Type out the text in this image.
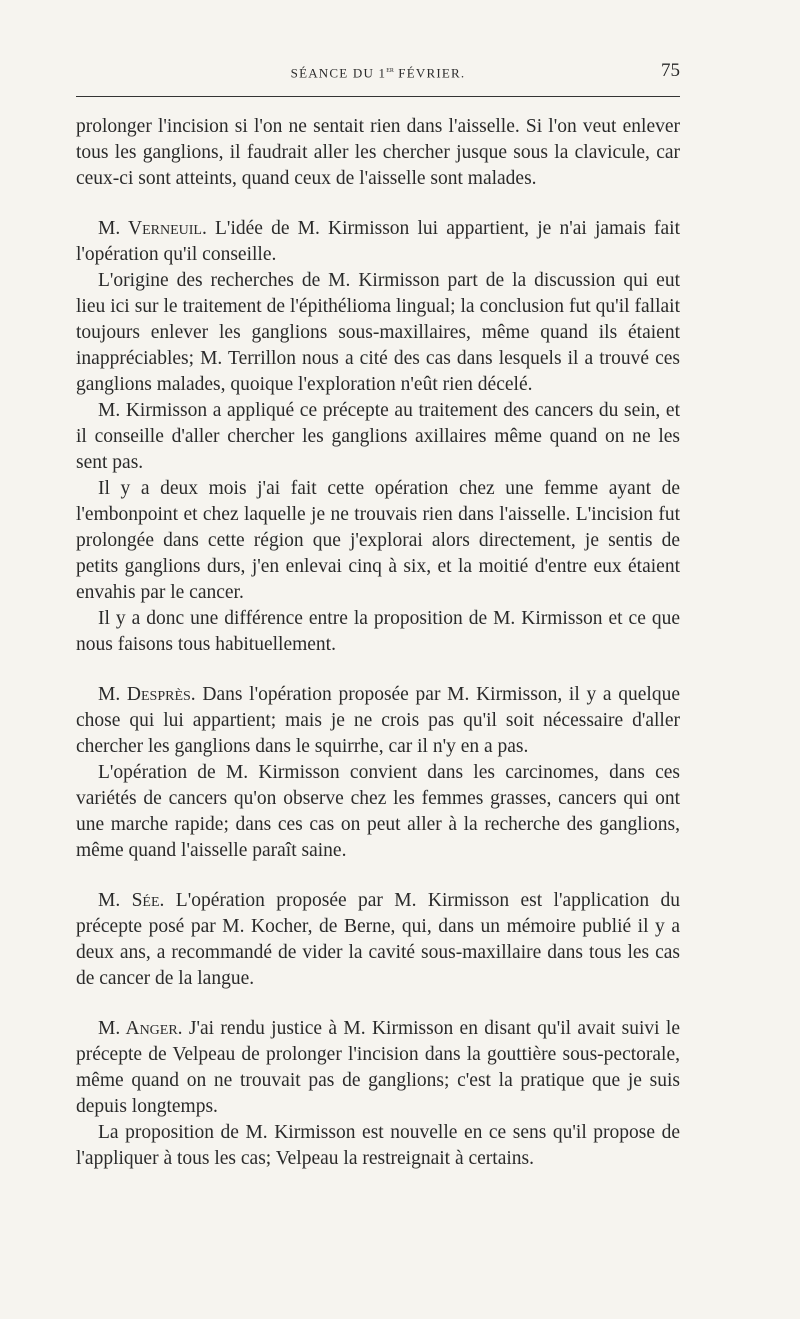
SÉANCE DU 1er FÉVRIER.	75

prolonger l'incision si l'on ne sentait rien dans l'aisselle. Si l'on veut enlever tous les ganglions, il faudrait aller les chercher jusque sous la clavicule, car ceux-ci sont atteints, quand ceux de l'aisselle sont malades.

M. Verneuil. L'idée de M. Kirmisson lui appartient, je n'ai jamais fait l'opération qu'il conseille.

L'origine des recherches de M. Kirmisson part de la discussion qui eut lieu ici sur le traitement de l'épithélioma lingual; la conclusion fut qu'il fallait toujours enlever les ganglions sous-maxillaires, même quand ils étaient inappréciables; M. Terrillon nous a cité des cas dans lesquels il a trouvé ces ganglions malades, quoique l'exploration n'eût rien décelé.

M. Kirmisson a appliqué ce précepte au traitement des cancers du sein, et il conseille d'aller chercher les ganglions axillaires même quand on ne les sent pas.

Il y a deux mois j'ai fait cette opération chez une femme ayant de l'embonpoint et chez laquelle je ne trouvais rien dans l'aisselle. L'incision fut prolongée dans cette région que j'explorai alors directement, je sentis de petits ganglions durs, j'en enlevai cinq à six, et la moitié d'entre eux étaient envahis par le cancer.

Il y a donc une différence entre la proposition de M. Kirmisson et ce que nous faisons tous habituellement.

M. Desprès. Dans l'opération proposée par M. Kirmisson, il y a quelque chose qui lui appartient; mais je ne crois pas qu'il soit nécessaire d'aller chercher les ganglions dans le squirrhe, car il n'y en a pas.

L'opération de M. Kirmisson convient dans les carcinomes, dans ces variétés de cancers qu'on observe chez les femmes grasses, cancers qui ont une marche rapide; dans ces cas on peut aller à la recherche des ganglions, même quand l'aisselle paraît saine.

M. Sée. L'opération proposée par M. Kirmisson est l'application du précepte posé par M. Kocher, de Berne, qui, dans un mémoire publié il y a deux ans, a recommandé de vider la cavité sous-maxillaire dans tous les cas de cancer de la langue.

M. Anger. J'ai rendu justice à M. Kirmisson en disant qu'il avait suivi le précepte de Velpeau de prolonger l'incision dans la gouttière sous-pectorale, même quand on ne trouvait pas de ganglions; c'est la pratique que je suis depuis longtemps.

La proposition de M. Kirmisson est nouvelle en ce sens qu'il propose de l'appliquer à tous les cas; Velpeau la restreignait à certains.
